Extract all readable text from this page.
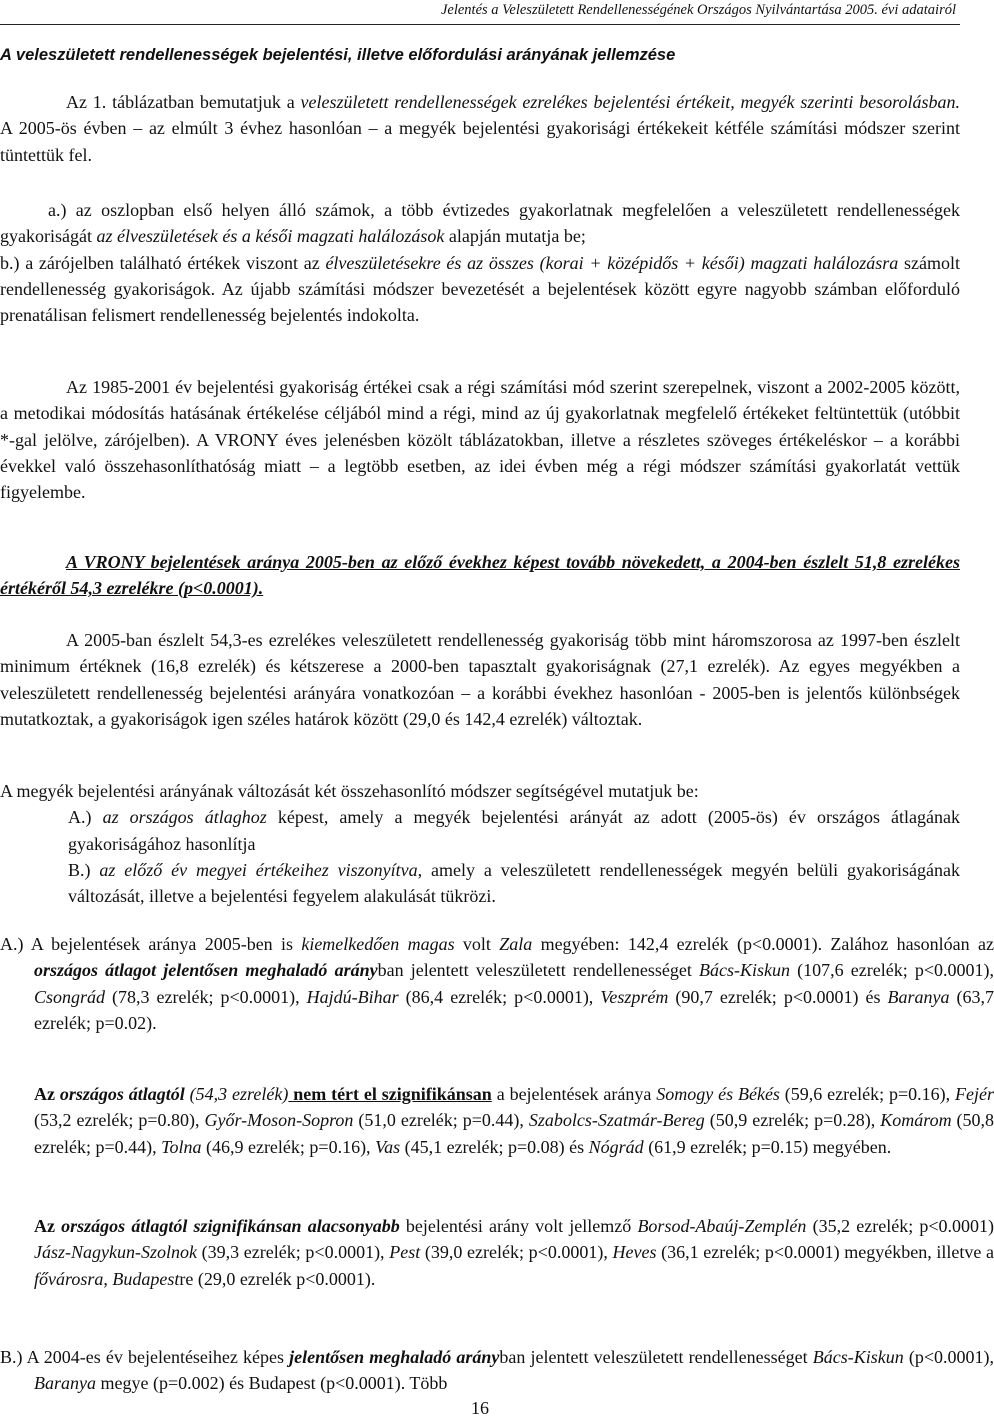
Jelentés a Veleszületett Rendellenességének Országos Nyilvántartása 2005. évi adatairól
A veleszületett rendellenességek bejelentési, illetve előfordulási arányának jellemzése

Az 1. táblázatban bemutatjuk a veleszületett rendellenességek ezrelékes bejelentési értékeit, megyék szerinti besorolásban. A 2005-ös évben – az elmúlt 3 évhez hasonlóan – a megyék bejelentési gyakorisági értékekeit kétféle számítási módszer szerint tüntettük fel.

a.) az oszlopban első helyen álló számok, a több évtizedes gyakorlatnak megfelelően a veleszületett rendellenességek gyakoriságát az élveszületések és a késői magzati halálozások alapján mutatja be;

b.) a zárójelben található értékek viszont az élveszületésekre és az összes (korai + középidős + késői) magzati halálozásra számolt rendellenesség gyakoriságok. Az újabb számítási módszer bevezetését a bejelentések között egyre nagyobb számban előforduló prenatálisan felismert rendellenesség bejelentés indokolta.

Az 1985-2001 év bejelentési gyakoriság értékei csak a régi számítási mód szerint szerepelnek, viszont a 2002-2005 között, a metodikai módosítás hatásának értékelése céljából mind a régi, mind az új gyakorlatnak megfelelő értékeket feltüntettük (utóbbit *-gal jelölve, zárójelben). A VRONY éves jelenésben közölt táblázatokban, illetve a részletes szöveges értékeléskor – a korábbi évekkel való összehasonlíthatóság miatt – a legtöbb esetben, az idei évben még a régi módszer számítási gyakorlatát vettük figyelembe.

A VRONY bejelentések aránya 2005-ben az előző évekhez képest tovább növekedett, a 2004-ben észlelt 51,8 ezrelékes értékéről 54,3 ezrelékre (p<0.0001).

A 2005-ban észlelt 54,3-es ezrelékes veleszületett rendellenesség gyakoriság több mint háromszorosa az 1997-ben észlelt minimum értéknek (16,8 ezrelék) és kétszerese a 2000-ben tapasztalt gyakoriságnak (27,1 ezrelék). Az egyes megyékben a veleszületett rendellenesség bejelentési arányára vonatkozóan – a korábbi évekhez hasonlóan - 2005-ben is jelentős különbségek mutatkoztak, a gyakoriságok igen széles határok között (29,0 és 142,4 ezrelék) változtak.

A megyék bejelentési arányának változását két összehasonlító módszer segítségével mutatjuk be:

A.) az országos átlaghoz képest, amely a megyék bejelentési arányát az adott (2005-ös) év országos átlagának gyakoriságához hasonlítja

B.) az előző év megyei értékeihez viszonyítva, amely a veleszületett rendellenességek megyén belüli gyakoriságának változását, illetve a bejelentési fegyelem alakulását tükrözi.

A.) A bejelentések aránya 2005-ben is kiemelkedően magas volt Zala megyében: 142,4 ezrelék (p<0.0001). Zalához hasonlóan az országos átlagot jelentősen meghaladó arányban jelentett veleszületett rendellenességet Bács-Kiskun (107,6 ezrelék; p<0.0001), Csongrád (78,3 ezrelék; p<0.0001), Hajdú-Bihar (86,4 ezrelék; p<0.0001), Veszprém (90,7 ezrelék; p<0.0001) és Baranya (63,7 ezrelék; p=0.02).

Az országos átlagtól (54,3 ezrelék) nem tért el szignifikánsan a bejelentések aránya Somogy és Békés (59,6 ezrelék; p=0.16), Fejér (53,2 ezrelék; p=0.80), Győr-Moson-Sopron (51,0 ezrelék; p=0.44), Szabolcs-Szatmár-Bereg (50,9 ezrelék; p=0.28), Komárom (50,8 ezrelék; p=0.44), Tolna (46,9 ezrelék; p=0.16), Vas (45,1 ezrelék; p=0.08) és Nógrád (61,9 ezrelék; p=0.15) megyében.

Az országos átlagtól szignifikánsan alacsonyabb bejelentési arány volt jellemző Borsod-Abaúj-Zemplén (35,2 ezrelék; p<0.0001) Jász-Nagykun-Szolnok (39,3 ezrelék; p<0.0001), Pest (39,0 ezrelék; p<0.0001), Heves (36,1 ezrelék; p<0.0001) megyékben, illetve a fővárosra, Budapestre (29,0 ezrelék p<0.0001).

B.) A 2004-es év bejelentéseihez képes jelentősen meghaladó arányban jelentett veleszületett rendellenességet Bács-Kiskun (p<0.0001), Baranya megye (p=0.002) és Budapest (p<0.0001). Több

16
